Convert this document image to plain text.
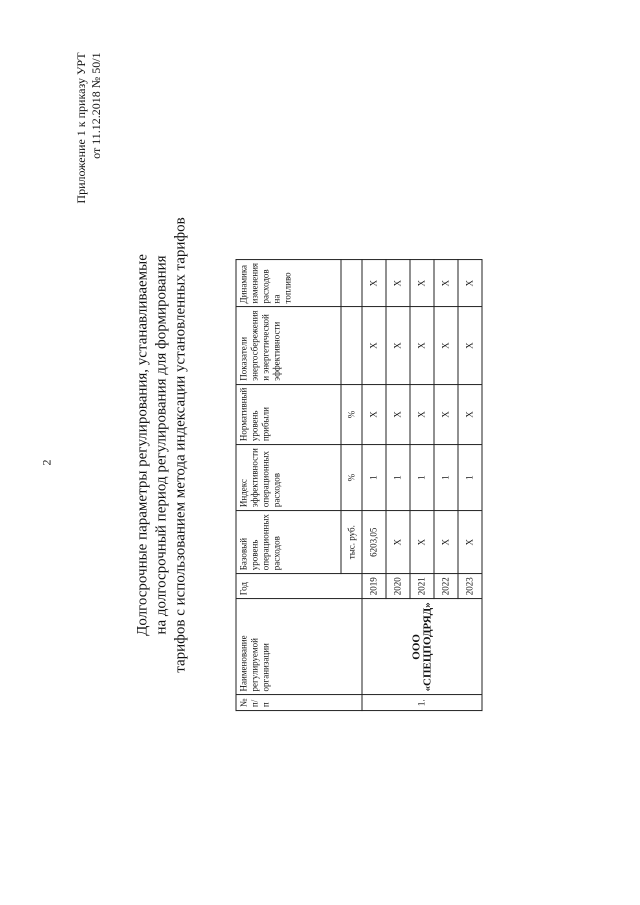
2
Приложение 1 к приказу УРТ от 11.12.2018 № 50/1
Долгосрочные параметры регулирования, устанавливаемые на долгосрочный период регулирования для формирования тарифов с использованием метода индексации установленных тарифов
№ п/п	Наименование регулируемой организации	Год	Базовый уровень операционных расходов	Индекс эффективности операционных расходов	Нормативный уровень прибыли	Показатели энергосбережения и энергетической эффективности	Динамика изменения расходов на топливо
			тыс. руб.	%	%		
1.	ООО «СПЕЦПОДРЯД»	2019	6203,05	1	Х	Х	Х
		2020	Х	1	Х	Х	Х
		2021	Х	1	Х	Х	Х
		2022	Х	1	Х	Х	Х
		2023	Х	1	Х	Х	Х
